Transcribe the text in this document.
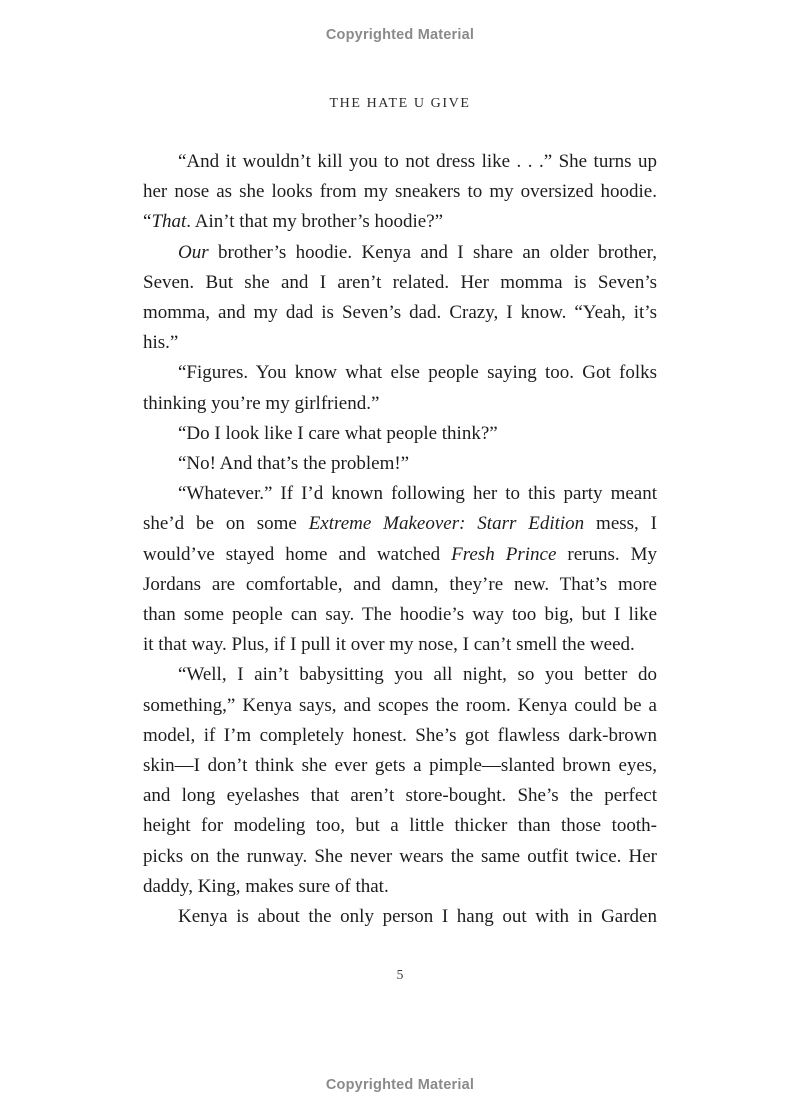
Copyrighted Material
THE HATE U GIVE
“And it wouldn’t kill you to not dress like . . .” She turns up
her nose as she looks from my sneakers to my oversized hoodie.
“That. Ain’t that my brother’s hoodie?”
Our brother’s hoodie. Kenya and I share an older brother,
Seven. But she and I aren’t related. Her momma is Seven’s
momma, and my dad is Seven’s dad. Crazy, I know. “Yeah, it’s
his.”
“Figures. You know what else people saying too. Got folks
thinking you’re my girlfriend.”
“Do I look like I care what people think?”
“No! And that’s the problem!”
“Whatever.” If I’d known following her to this party meant
she’d be on some Extreme Makeover: Starr Edition mess, I
would’ve stayed home and watched Fresh Prince reruns. My
Jordans are comfortable, and damn, they’re new. That’s more
than some people can say. The hoodie’s way too big, but I like
it that way. Plus, if I pull it over my nose, I can’t smell the weed.
“Well, I ain’t babysitting you all night, so you better do
something,” Kenya says, and scopes the room. Kenya could be a
model, if I’m completely honest. She’s got flawless dark-brown
skin—I don’t think she ever gets a pimple—slanted brown eyes,
and long eyelashes that aren’t store-bought. She’s the perfect
height for modeling too, but a little thicker than those tooth-
picks on the runway. She never wears the same outfit twice. Her
daddy, King, makes sure of that.
Kenya is about the only person I hang out with in Garden
5
Copyrighted Material
